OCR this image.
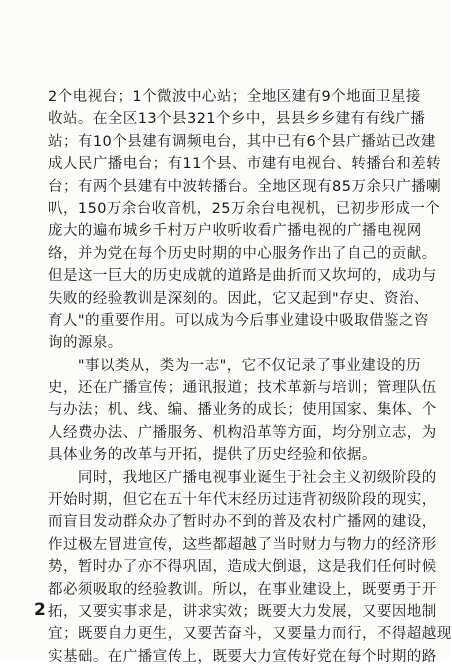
2个电视台；1个微波中心站；全地区建有9个地面卫星接
收站。在全区13个县321个乡中，县县乡乡建有有线广播
站；有10个县建有调频电台，其中已有6个县广播站已改建
成人民广播电台；有11个县、市建有电视台、转播台和差转
台；有两个县建有中波转播台。全地区现有85万余只广播喇
叭，150万余台收音机，25万余台电视机，已初步形成一个
庞大的遍布城乡千村万户收听收看广播电视的广播电视网
络，并为党在每个历史时期的中心服务作出了自己的贡献。
但是这一巨大的历史成就的道路是曲折而又坎坷的，成功与
失败的经验教训是深刻的。因此，它又起到"存史、资治、
育人"的重要作用。可以成为今后事业建设中吸取借鉴之咨
询的源泉。
　　"事以类从，类为一志"，它不仅记录了事业建设的历
史，还在广播宣传；通讯报道；技术革新与培训；管理队伍
与办法；机、线、编、播业务的成长；使用国家、集体、个
人经费办法、广播服务、机构沿革等方面，均分别立志，为
具体业务的改革与开拓，提供了历史经验和依据。
　　同时，我地区广播电视事业诞生于社会主义初级阶段的
开始时期，但它在五十年代末经历过违背初级阶段的现实，
而盲目发动群众办了暂时办不到的普及农村广播网的建设，
作过极左冒进宣传，这些都超越了当时财力与物力的经济形
势，暂时办了亦不得巩固，造成大倒退，这是我们任何时候
都必须吸取的经验教训。所以，在事业建设上，既要勇于开
拓，又要实事求是，讲求实效；既要大力发展，又要因地制
宜；既要自力更生，又要苦奋斗，又要量力而行，不得超越现
实基础。在广播宣传上，既要大力宣传好党在每个时期的路
2
